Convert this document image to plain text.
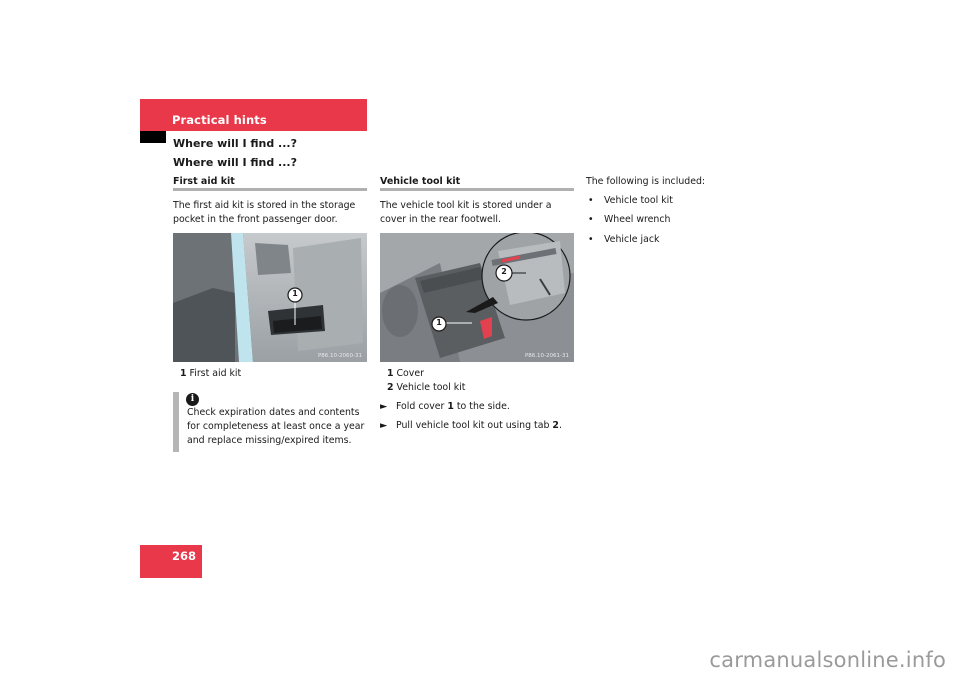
Practical hints
Where will I find ...?
Where will I find ...?
First aid kit
The first aid kit is stored in the storage pocket in the front passenger door.
1
P86.10-2060-31
1 First aid kit
i
Check expiration dates and contents for completeness at least once a year and replace missing/expired items.
Vehicle tool kit
The vehicle tool kit is stored under a cover in the rear footwell.
1
2
P86.10-2061-31
1 Cover
2 Vehicle tool kit
► Fold cover 1 to the side.
► Pull vehicle tool kit out using tab 2.
The following is included:
• Vehicle tool kit
• Wheel wrench
• Vehicle jack
268
carmanualsonline.info
